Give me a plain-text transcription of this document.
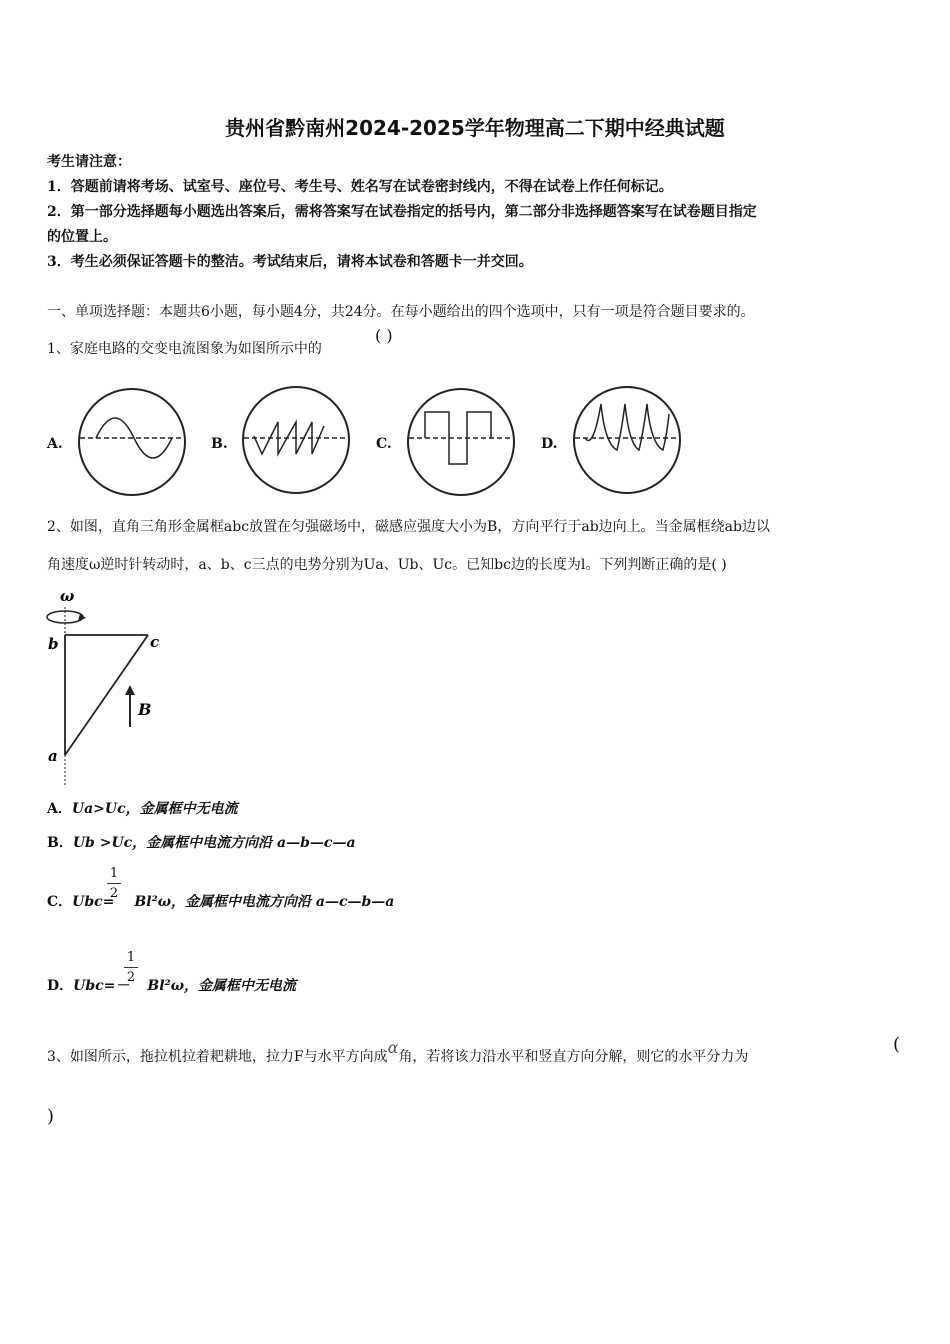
贵州省黔南州2024-2025学年物理高二下期中经典试题
考生请注意：
1．答题前请将考场、试室号、座位号、考生号、姓名写在试卷密封线内，不得在试卷上作任何标记。
2．第一部分选择题每小题选出答案后，需将答案写在试卷指定的括号内，第二部分非选择题答案写在试卷题目指定
的位置上。
3．考生必须保证答题卡的整洁。考试结束后，请将本试卷和答题卡一并交回。
一、单项选择题：本题共6小题，每小题4分，共24分。在每小题给出的四个选项中，只有一项是符合题目要求的。
1、家庭电路的交变电流图象为如图所示中的
( )
A.	B.	C.	D.
2、如图，直角三角形金属框abc放置在匀强磁场中，磁感应强度大小为B，方向平行于ab边向上。当金属框绕ab边以
角速度ω逆时针转动时，a、b、c三点的电势分别为Ua、Ub、Uc。已知bc边的长度为l。下列判断正确的是( )
ω
b	c
a
B
A．Ua>Uc，金属框中无电流
B．Ub >Uc，金属框中电流方向沿 a—b—c—a
C．Ubc= Bl²ω，金属框中电流方向沿 a—c—b—a
1
2
D．Ubc=－ Bl²ω，金属框中无电流
1
2
3、如图所示，拖拉机拉着耙耕地，拉力F与水平方向成α角，若将该力沿水平和竖直方向分解，则它的水平分力为
(
)
